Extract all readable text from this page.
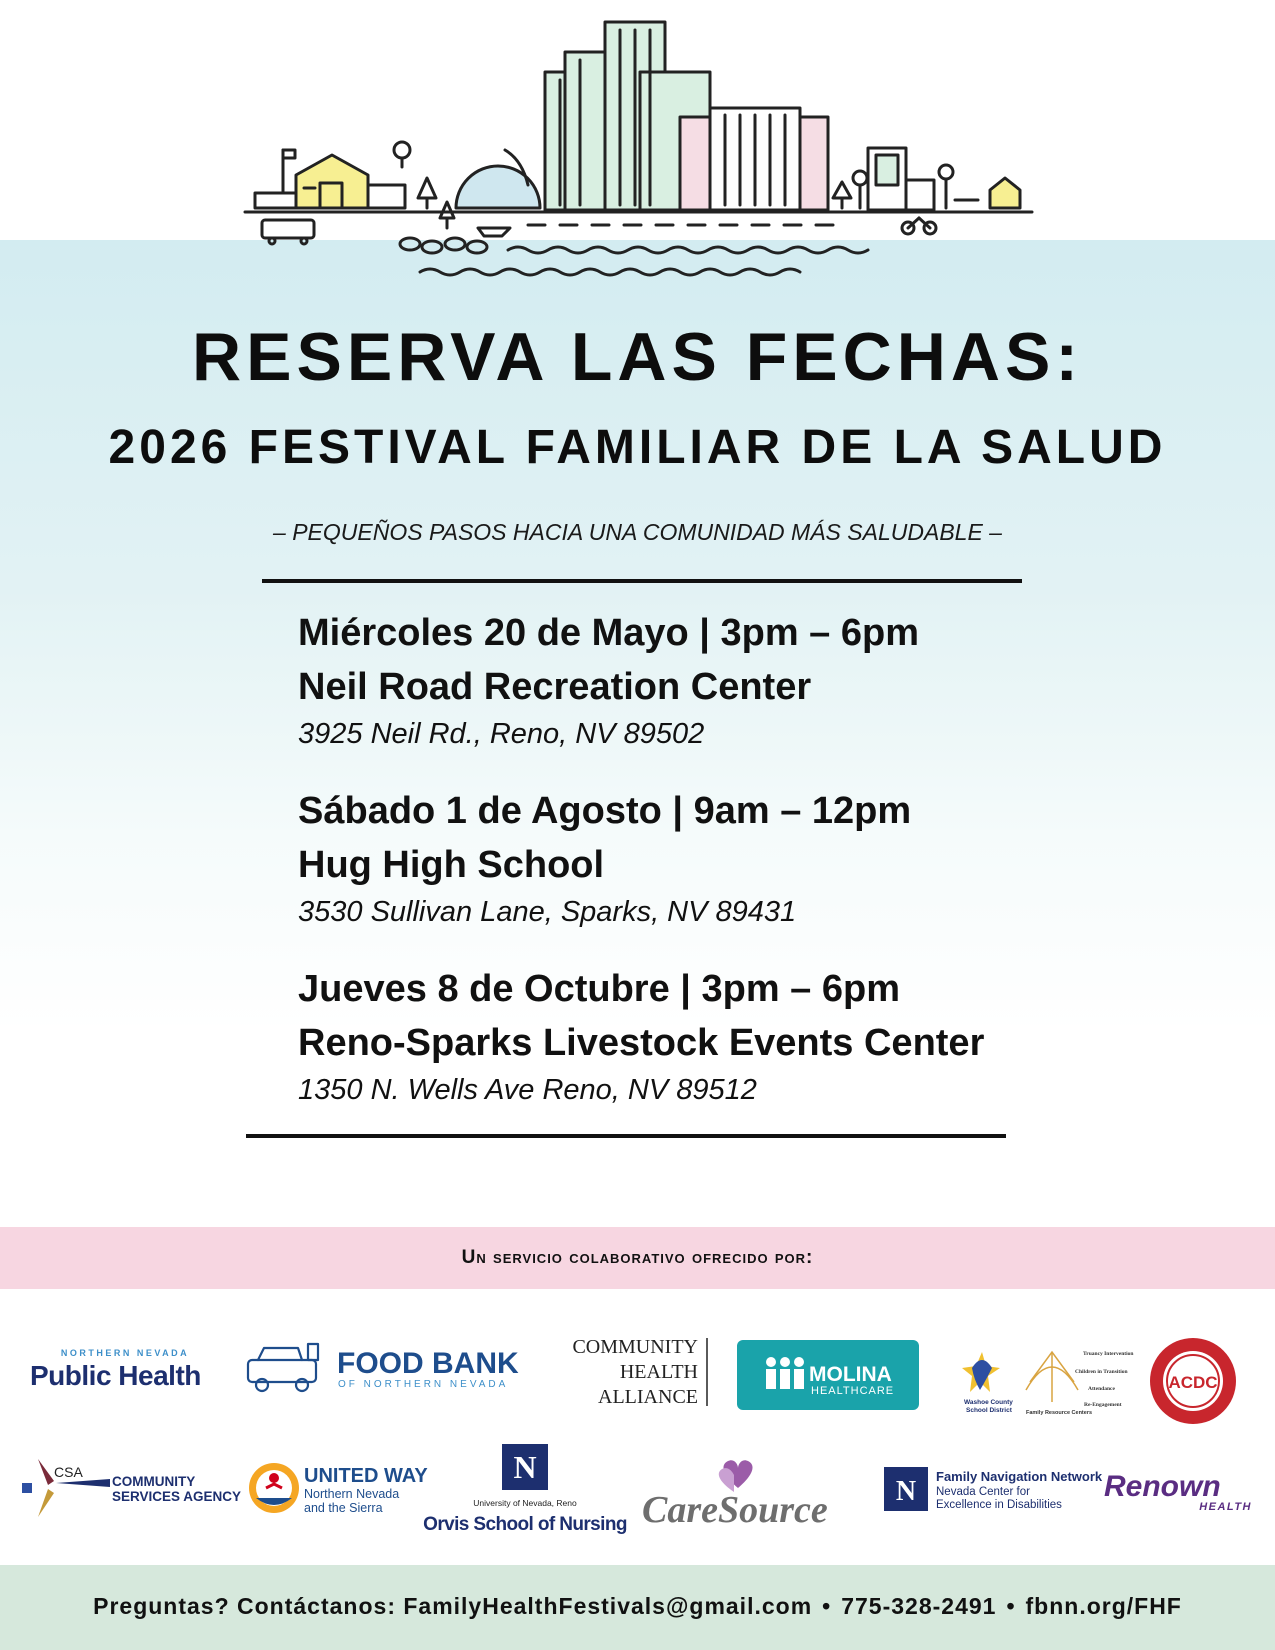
RESERVA LAS FECHAS:
2026 FESTIVAL FAMILIAR DE LA SALUD
– PEQUEÑOS PASOS HACIA UNA COMUNIDAD MÁS SALUDABLE –
Miércoles 20 de Mayo | 3pm – 6pm
Neil Road Recreation Center
3925 Neil Rd., Reno, NV 89502
Sábado 1 de Agosto | 9am – 12pm
Hug High School
3530 Sullivan Lane, Sparks, NV 89431
Jueves 8 de Octubre | 3pm – 6pm
Reno-Sparks Livestock Events Center
1350 N. Wells Ave Reno, NV 89512
Un servicio colaborativo ofrecido por:
NORTHERN NEVADA
Public Health	FOOD BANK
OF NORTHERN NEVADA
COMMUNITY
HEALTH
ALLIANCE
MOLINA
HEALTHCARE
Washoe County
School District	Family Resource Centers
Truancy Intervention
Children in Transition
Attendance
Re-Engagement
ACDC
CSA
COMMUNITY
SERVICES AGENCY
UNITED WAY
Northern Nevada
and the Sierra
N
University of Nevada, Reno
Orvis School of Nursing CareSource N Family Navigation Network
Nevada Center for
Excellence in Disabilities
Renown
HEALTH
Preguntas? Contáctanos: FamilyHealthFestivals@gmail.com • 775-328-2491 • fbnn.org/FHF
